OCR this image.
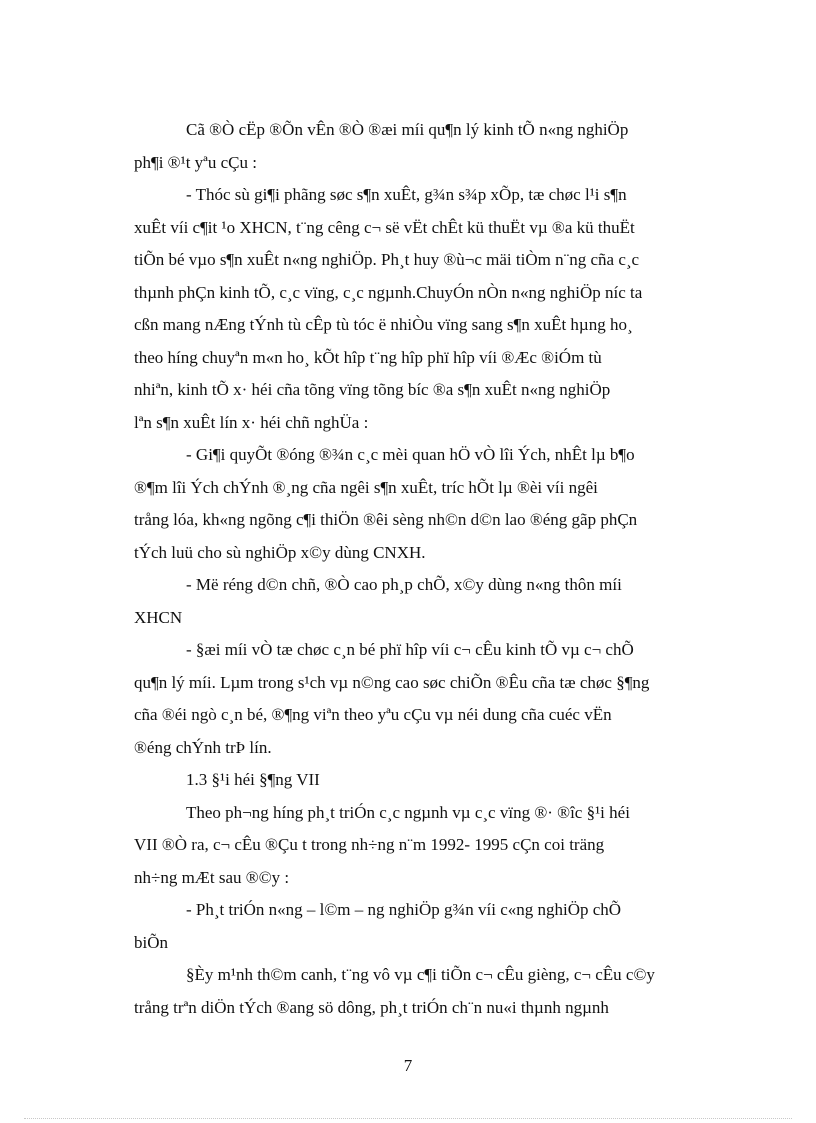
Cã ®Ò cËp ®Õn vÊn ®Ò ®æi míi qu¶n lý kinh tÕ n«ng nghiÖp
ph¶i ®¹t yªu cÇu :
- Thóc sù gi¶i phãng søc s¶n xuÊt, g¾n s¾p xÕp, tæ chøc l¹i s¶n
xuÊt víi c¶it ¹o XHCN, t¨ng cêng c¬ së vËt chÊt kü thuËt vµ ®a kü thuËt
tiÕn bé vµo s¶n xuÊt n«ng nghiÖp. Ph¸t huy ®ù¬c mäi tiÒm n¨ng cña c¸c
thµnh phÇn kinh tÕ, c¸c vïng, c¸c ngµnh.ChuyÓn nÒn n«ng nghiÖp níc ta
cßn mang nÆng tÝnh tù cÊp tù tóc ë nhiÒu vïng sang s¶n xuÊt hµng ho¸
theo híng chuyªn m«n ho¸ kÕt hîp t¨ng hîp phï hîp víi ®Æc ®iÓm tù
nhiªn, kinh tÕ x· héi cña tõng vïng tõng bíc ®a s¶n xuÊt n«ng nghiÖp
lªn s¶n xuÊt lín x· héi chñ nghÜa :
- Gi¶i quyÕt ®óng ®¾n c¸c mèi quan hÖ vÒ lîi Ých, nhÊt lµ b¶o
®¶m lîi Ých chÝnh ®¸ng cña ngêi s¶n xuÊt, tríc hÕt lµ ®èi víi ngêi
trång lóa, kh«ng ngõng c¶i thiÖn ®êi sèng nh©n d©n lao ®éng gãp phÇn
tÝch luü cho sù nghiÖp x©y dùng CNXH.
- Më réng d©n chñ, ®Ò cao ph¸p chÕ, x©y dùng n«ng thôn míi
XHCN
- §æi míi vÒ tæ chøc c¸n bé phï hîp víi c¬ cÊu kinh tÕ vµ c¬ chÕ
qu¶n lý míi. Lµm trong s¹ch vµ n©ng cao søc chiÕn ®Êu cña tæ chøc §¶ng
cña ®éi ngò c¸n bé, ®¶ng viªn theo yªu cÇu vµ néi dung cña cuéc vËn
®éng chÝnh trÞ lín.
1.3 §¹i héi §¶ng VII
Theo ph¬ng híng ph¸t triÓn c¸c ngµnh vµ c¸c vïng ®· ®îc §¹i héi
VII ®Ò ra, c¬ cÊu ®Çu t trong nh÷ng n¨m 1992- 1995 cÇn coi träng
nh÷ng mÆt sau ®©y :
- Ph¸t triÓn n«ng – l©m – ng nghiÖp g¾n víi c«ng nghiÖp chÕ
biÕn
§Èy m¹nh th©m canh, t¨ng vô vµ c¶i tiÕn c¬ cÊu gièng, c¬ cÊu c©y
trång trªn diÖn tÝch ®ang sö dông, ph¸t triÓn ch¨n nu«i thµnh ngµnh

7
